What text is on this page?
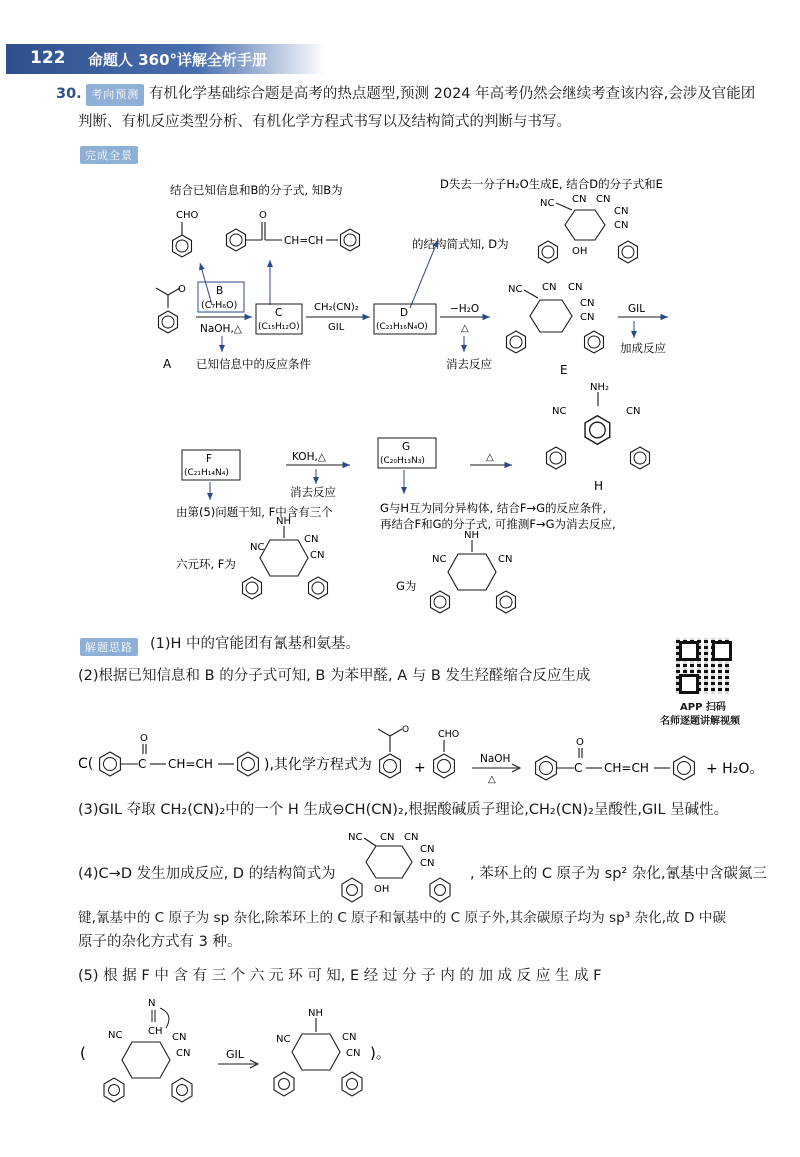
122 命题人 360°详解全析手册
30. 考向预测 有机化学基础综合题是高考的热点题型,预测 2024 年高考仍然会继续考查该内容,会涉及官能团
判断、有机反应类型分析、有机化学方程式书写以及结构简式的判断与书写。
完成全景
结合已知信息和B的分子式, 知B为
CHO	O
CH=CH
D失去一分子H₂O生成E, 结合D的分子式和E
的结构简式知, D为
NC CN CN
CN
CN
OH
O
A 已知信息中的反应条件
B
(C₇H₆O)
NaOH,△
C
(C₁₅H₁₂O)
CH₂(CN)₂
GIL
D
(C₂₁H₁₆N₄O)
−H₂O
△
消去反应
NC CN CN
CN
CN
E
GIL
加成反应
F
(C₂₁H₁₄N₄)
KOH,△
消去反应
G
(C₂₀H₁₃N₃)	△
NH₂
NC	CN
H
由第(5)问题干知, F中含有三个
六元环, F为
G与H互为同分异构体, 结合F→G的反应条件,
再结合F和G的分子式, 可推测F→G为消去反应,
G为
NH
NC
CN
CN
NH
NC	CN
解题思路	(1)H 中的官能团有氰基和氨基。
(2)根据已知信息和 B 的分子式可知, B 为苯甲醛, A 与 B 发生羟醛缩合反应生成
APP 扫码
名师逐题讲解视频
C(	C
O
CH=CH	),其化学方程式为
O
+
CHO
NaOH
△
C
O
CH=CH	+ H₂O。
(3)GIL 夺取 CH₂(CN)₂中的一个 H 生成⊖CH(CN)₂,根据酸碱质子理论,CH₂(CN)₂呈酸性,GIL 呈碱性。
(4)C→D 发生加成反应, D 的结构简式为
NC CN CN
CN
CN
OH
, 苯环上的 C 原子为 sp² 杂化,氰基中含碳氮三
键,氰基中的 C 原子为 sp 杂化,除苯环上的 C 原子和氰基中的 C 原子外,其余碳原子均为 sp³ 杂化,故 D 中碳
原子的杂化方式有 3 种。
(5) 根 据 F 中 含 有 三 个 六 元 环 可 知, E 经 过 分 子 内 的 加 成 反 应 生 成 F
(
N
CH
NC	CN
CN	GIL
NH
NC	CN
CN )。
